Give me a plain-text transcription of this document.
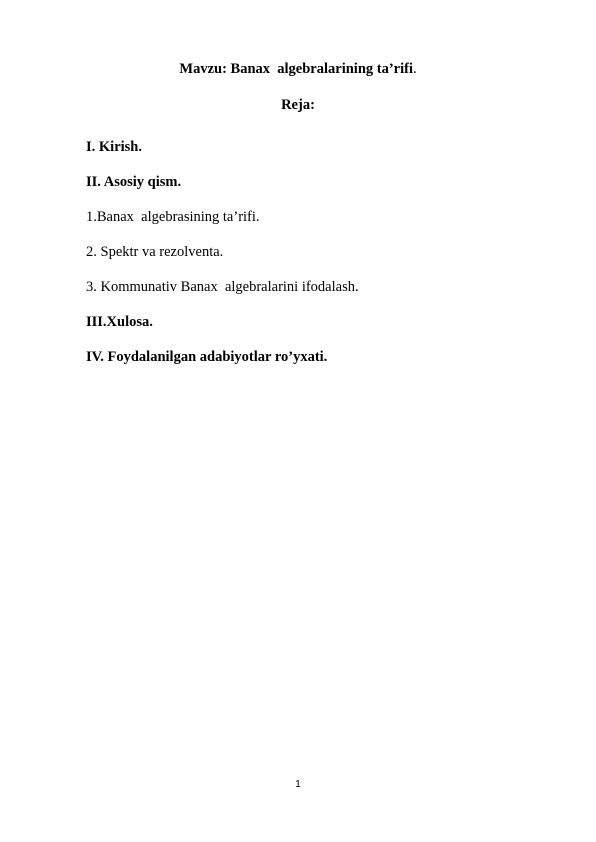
Mavzu: Banax  algebralarining ta’rifi.
Reja:
I. Kirish.
II. Asosiy qism.
1.Banax  algebrasining ta’rifi.
2. Spektr va rezolventa.
3. Kommunativ Banax  algebralarini ifodalash.
III.Xulosa.
IV. Foydalanilgan adabiyotlar ro’yxati.
1
